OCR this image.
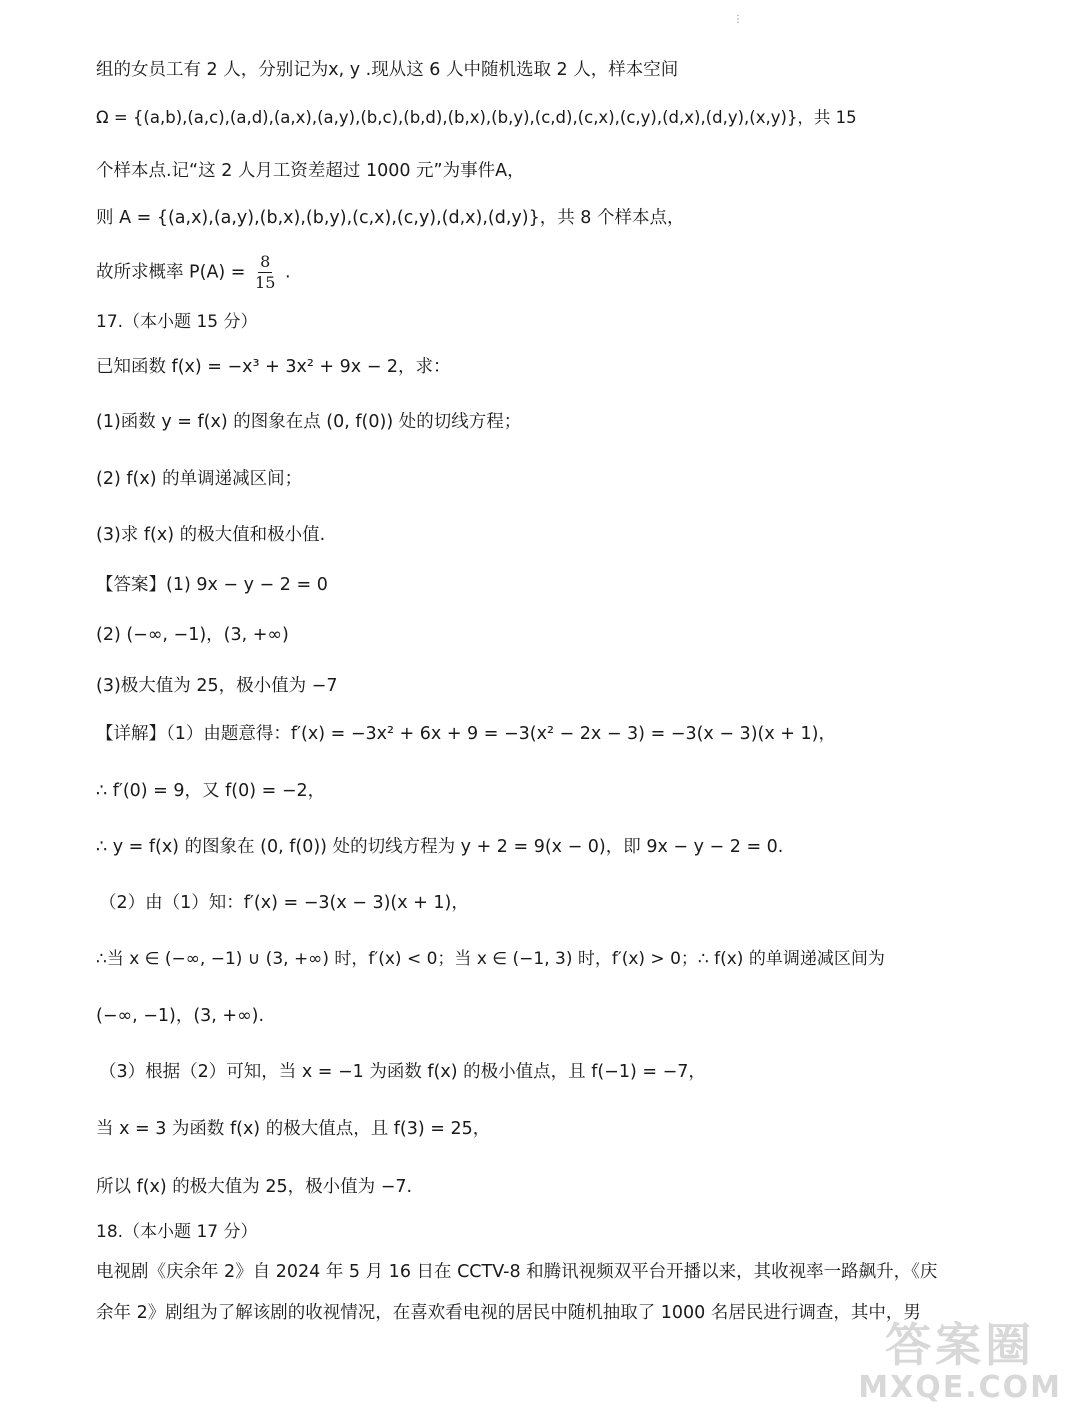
⋮
组的女员工有 2 人，分别记为x, y .现从这 6 人中随机选取 2 人，样本空间
Ω = {(a,b),(a,c),(a,d),(a,x),(a,y),(b,c),(b,d),(b,x),(b,y),(c,d),(c,x),(c,y),(d,x),(d,y),(x,y)}，共 15
个样本点.记“这 2 人月工资差超过 1000 元”为事件A，
则 A = {(a,x),(a,y),(b,x),(b,y),(c,x),(c,y),(d,x),(d,y)}，共 8 个样本点，
故所求概率 $P(A) = \frac{8}{15}$ .
17.（本小题 15 分）
已知函数 f(x) = −x³ + 3x² + 9x − 2，求：
(1)函数 y = f(x) 的图象在点 (0, f(0)) 处的切线方程；
(2) f(x) 的单调递减区间；
(3)求 f(x) 的极大值和极小值.
【答案】(1) 9x − y − 2 = 0
(2) (−∞, −1)，(3, +∞)
(3)极大值为 25，极小值为 −7
【详解】（1）由题意得：f′(x) = −3x² + 6x + 9 = −3(x² − 2x − 3) = −3(x − 3)(x + 1)，
∴ f′(0) = 9，又 f(0) = −2，
∴ y = f(x) 的图象在 (0, f(0)) 处的切线方程为 y + 2 = 9(x − 0)，即 9x − y − 2 = 0.
（2）由（1）知：f′(x) = −3(x − 3)(x + 1)，
∴当 x ∈ (−∞, −1) ∪ (3, +∞) 时，f′(x) < 0；当 x ∈ (−1, 3) 时，f′(x) > 0；∴ f(x) 的单调递减区间为
(−∞, −1)，(3, +∞).
（3）根据（2）可知，当 x = −1 为函数 f(x) 的极小值点，且 f(−1) = −7，
当 x = 3 为函数 f(x) 的极大值点，且 f(3) = 25，
所以 f(x) 的极大值为 25，极小值为 −7.
18.（本小题 17 分）
电视剧《庆余年 2》自 2024 年 5 月 16 日在 CCTV-8 和腾讯视频双平台开播以来，其收视率一路飙升，《庆
余年 2》剧组为了解该剧的收视情况，在喜欢看电视的居民中随机抽取了 1000 名居民进行调查，其中，男
答案圈
MXQE.COM
